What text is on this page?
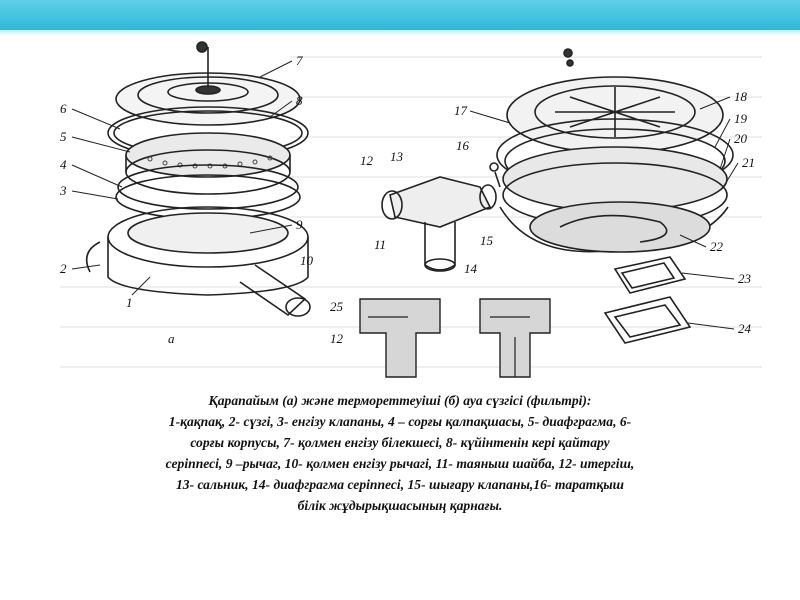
7
8
6
5
4
3
9
10
2
1
а
12 13
16
11	15
14
25
12
17
18
19
20
21
22
23
24
Қарапайым (а) және термореттеуіші (б) ауа сүзгісі (фильтрі):
1-қақпақ, 2- сүзгі, 3- енгізу клапаны, 4 – сорғы қалпақшасы, 5- диафграгма, 6-
сорғы корпусы, 7- қолмен енгізу білекшесі, 8- күйінтенін кері қайтару
серіппесі, 9 –рычаг, 10- қолмен енгізу рычагі, 11- таяныш шайба, 12- итергіш,
13- сальник, 14- диафграгма серіппесі, 15- шығару клапаны,16- таратқыш
білік жұдырықшасының қарнағы.
